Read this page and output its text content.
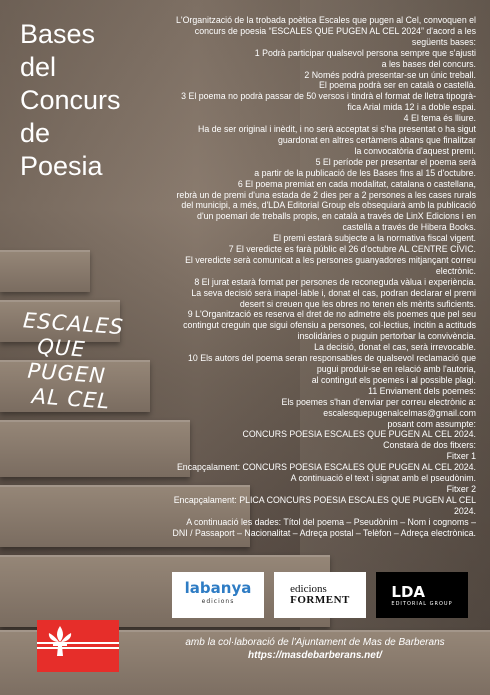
Bases
del
Concurs
de
Poesia
ESCALES
QUE
PUGEN
AL CEL

L'Organització de la trobada poètica Escales que pugen al Cel, convoquen el

concurs de poesia “ESCALES QUE PUGEN AL CEL 2024” d'acord a les

següents bases:

1 Podrà participar qualsevol persona sempre que s'ajusti

a les bases del concurs.

2 Només podrà presentar-se un únic treball.

El poema podrà ser en català o castellà.

3 El poema no podrà passar de 50 versos i tindrà el format de lletra tipogrà-

fica Arial mida 12 i a doble espai.

4 El tema és lliure.

Ha de ser original i inèdit, i no serà acceptat si s'ha presentat o ha sigut

guardonat en altres certàmens abans que finalitzar

la convocatòria d'aquest premi.

5 El període per presentar el poema serà

a partir de la publicació de les Bases fins al 15 d'octubre.

6 El poema premiat en cada modalitat, catalana o castellana,

rebrà un de premi d'una estada de 2 dies per a 2 persones a les cases rurals

del municipi, a més, d'LDA Editorial Group els obsequiarà amb la publicació

d'un poemari de treballs propis, en català a través de LinX Edicions i en

castellà a través de Hibera Books.

El premi estarà subjecte a la normativa fiscal vigent.

7 El veredicte es farà públic el 26 d'octubre AL CENTRE CÍVIC.

El veredicte serà comunicat a les persones guanyadores mitjançant correu

electrònic.

8 El jurat estarà format per persones de reconeguda vàlua i experiència.

La seva decisió serà inapel·lable i, donat el cas, podran declarar el premi

desert si creuen que les obres no tenen els mèrits suficients.

9 L'Organització es reserva el dret de no admetre els poemes que pel seu

contingut creguin que sigui ofensiu a persones, col·lectius, incitin a actituds

insolidàries o puguin pertorbar la convivència.

La decisió, donat el cas, serà irrevocable.

10 Els autors del poema seran responsables de qualsevol reclamació que

pugui produir-se en relació amb l'autoria,

al contingut els poemes i al possible plagi.

11 Enviament dels poemes:

Els poemes s'han d'enviar per correu electrònic a:

escalesquepugenalcelmas@gmail.com

posant com assumpte:

CONCURS POESIA ESCALES QUE PUGEN AL CEL 2024.

Constarà de dos fitxers:

Fitxer 1

Encapçalament: CONCURS POESIA ESCALES QUE PUGEN AL CEL 2024.

A continuació el text i signat amb el pseudònim.

Fitxer 2

Encapçalament: PLICA CONCURS POESIA ESCALES QUE PUGEN AL CEL

2024.

A continuació les dades: Títol del poema – Pseudònim – Nom i cognoms –

DNI / Passaport – Nacionalitat – Adreça postal – Telèfon – Adreça electrònica.

labanya
edicions
edicions
FORMENT	LDA
EDITORIAL GROUP
amb la col·laboració de l'Ajuntament de Mas de Barberans
https://masdebarberans.net/
